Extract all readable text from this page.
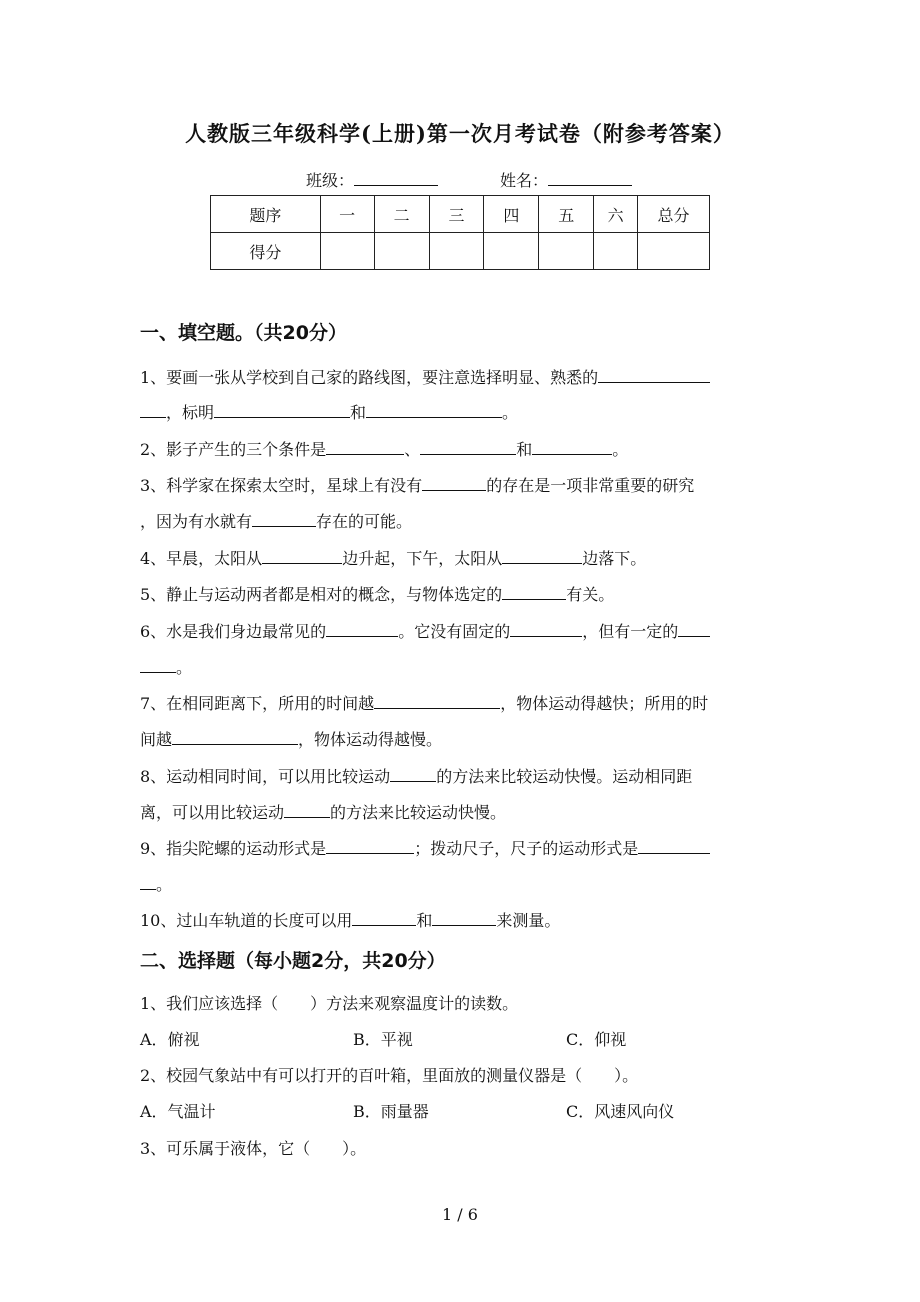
人教版三年级科学(上册)第一次月考试卷（附参考答案）
班级：	姓名：
题序	一	二	三	四	五	六	总分
得分							
一、填空题。（共20分）
1、要画一张从学校到自己家的路线图，要注意选择明显、熟悉的
，标明	和	。
2、影子产生的三个条件是	、	和	。
3、科学家在探索太空时，星球上有没有	的存在是一项非常重要的研究
，因为有水就有	存在的可能。
4、早晨，太阳从	边升起，下午，太阳从	边落下。
5、静止与运动两者都是相对的概念，与物体选定的	有关。
6、水是我们身边最常见的	。它没有固定的	，但有一定的
。
7、在相同距离下，所用的时间越	，物体运动得越快；所用的时
间越	，物体运动得越慢。
8、运动相同时间，可以用比较运动	的方法来比较运动快慢。运动相同距
离，可以用比较运动	的方法来比较运动快慢。
9、指尖陀螺的运动形式是	；拨动尺子，尺子的运动形式是
。
10、过山车轨道的长度可以用	和	来测量。
二、选择题（每小题2分，共20分）
1、我们应该选择（　　）方法来观察温度计的读数。
A．俯视	B．平视	C．仰视
2、校园气象站中有可以打开的百叶箱，里面放的测量仪器是（　　）。
A．气温计	B．雨量器	C．风速风向仪
3、可乐属于液体，它（　　）。
1 / 6
